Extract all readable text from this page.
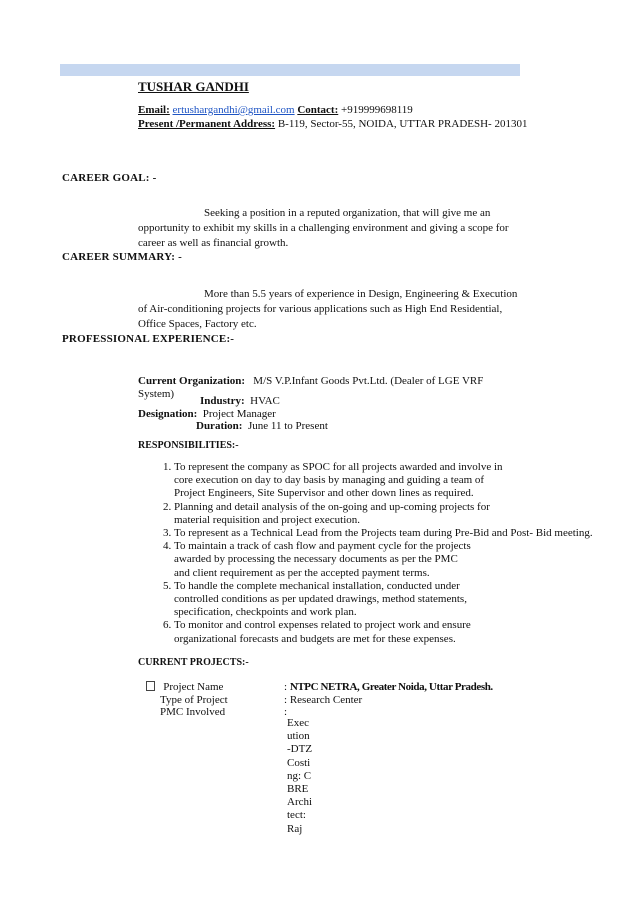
TUSHAR GANDHI
Email: ertushargandhi@gmail.com Contact: +919999698119
Present /Permanent Address: B-119, Sector-55, NOIDA, UTTAR PRADESH- 201301
CAREER GOAL: -
Seeking a position in a reputed organization, that will give me an opportunity to exhibit my skills in a challenging environment and giving a scope for career as well as financial growth.
CAREER SUMMARY: -
More than 5.5 years of experience in Design, Engineering & Execution of Air-conditioning projects for various applications such as High End Residential, Office Spaces, Factory etc.
PROFESSIONAL EXPERIENCE:-
Current Organization: M/S V.P.Infant Goods Pvt.Ltd. (Dealer of LGE VRF
System)
Industry: HVAC
Designation: Project Manager
Duration: June 11 to Present
RESPONSIBILITIES:-
1. To represent the company as SPOC for all projects awarded and involve in core execution on day to day basis by managing and guiding a team of Project Engineers, Site Supervisor and other down lines as required.
2. Planning and detail analysis of the on-going and up-coming projects for material requisition and project execution.
3. To represent as a Technical Lead from the Projects team during Pre-Bid and Post- Bid meeting.
4. To maintain a track of cash flow and payment cycle for the projects awarded by processing the necessary documents as per the PMC and client requirement as per the accepted payment terms.
5. To handle the complete mechanical installation, conducted under controlled conditions as per updated drawings, method statements, specification, checkpoints and work plan.
6. To monitor and control expenses related to project work and ensure organizational forecasts and budgets are met for these expenses.
CURRENT PROJECTS:-
Project Name	: NTPC NETRA, Greater Noida, Uttar Pradesh.
Type of Project	: Research Center
PMC Involved	:
Execution-DTZ Costing: CBRE Architect: Raj
